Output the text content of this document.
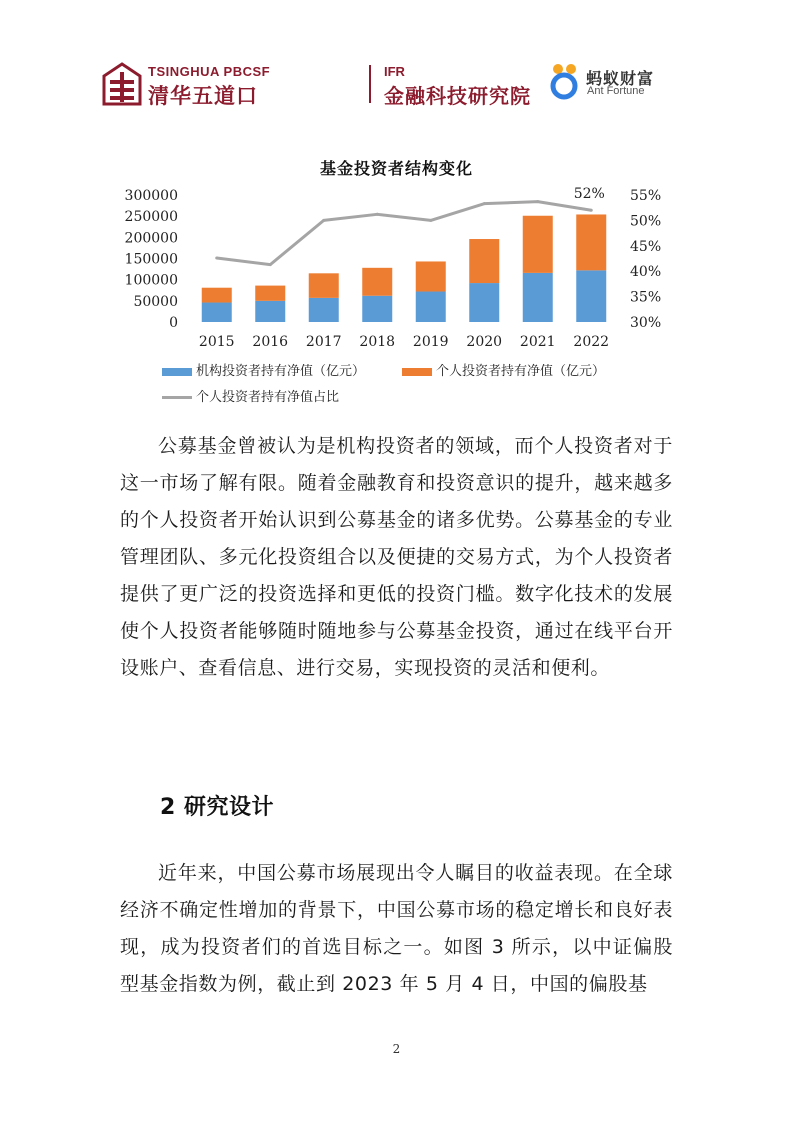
TSINGHUA PBCSF
清华五道口
IFR
金融科技研究院
蚂蚁财富
Ant Fortune
基金投资者结构变化
0
50000
100000
150000
200000
250000
300000
30%
35%
40%
45%
50%
55%
2015 2016 2017 2018 2019 2020 2021 2022
52%
机构投资者持有净值（亿元）	个人投资者持有净值（亿元）
个人投资者持有净值占比

公募基金曾被认为是机构投资者的领域，而个人投资者对于这一市场了解有限。随着金融教育和投资意识的提升，越来越多的个人投资者开始认识到公募基金的诸多优势。公募基金的专业管理团队、多元化投资组合以及便捷的交易方式，为个人投资者提供了更广泛的投资选择和更低的投资门槛。数字化技术的发展使个人投资者能够随时随地参与公募基金投资，通过在线平台开设账户、查看信息、进行交易，实现投资的灵活和便利。

2 研究设计

近年来，中国公募市场展现出令人瞩目的收益表现。在全球经济不确定性增加的背景下，中国公募市场的稳定增长和良好表现，成为投资者们的首选目标之一。如图 3 所示，以中证偏股型基金指数为例，截止到 2023 年 5 月 4 日，中国的偏股基

2
